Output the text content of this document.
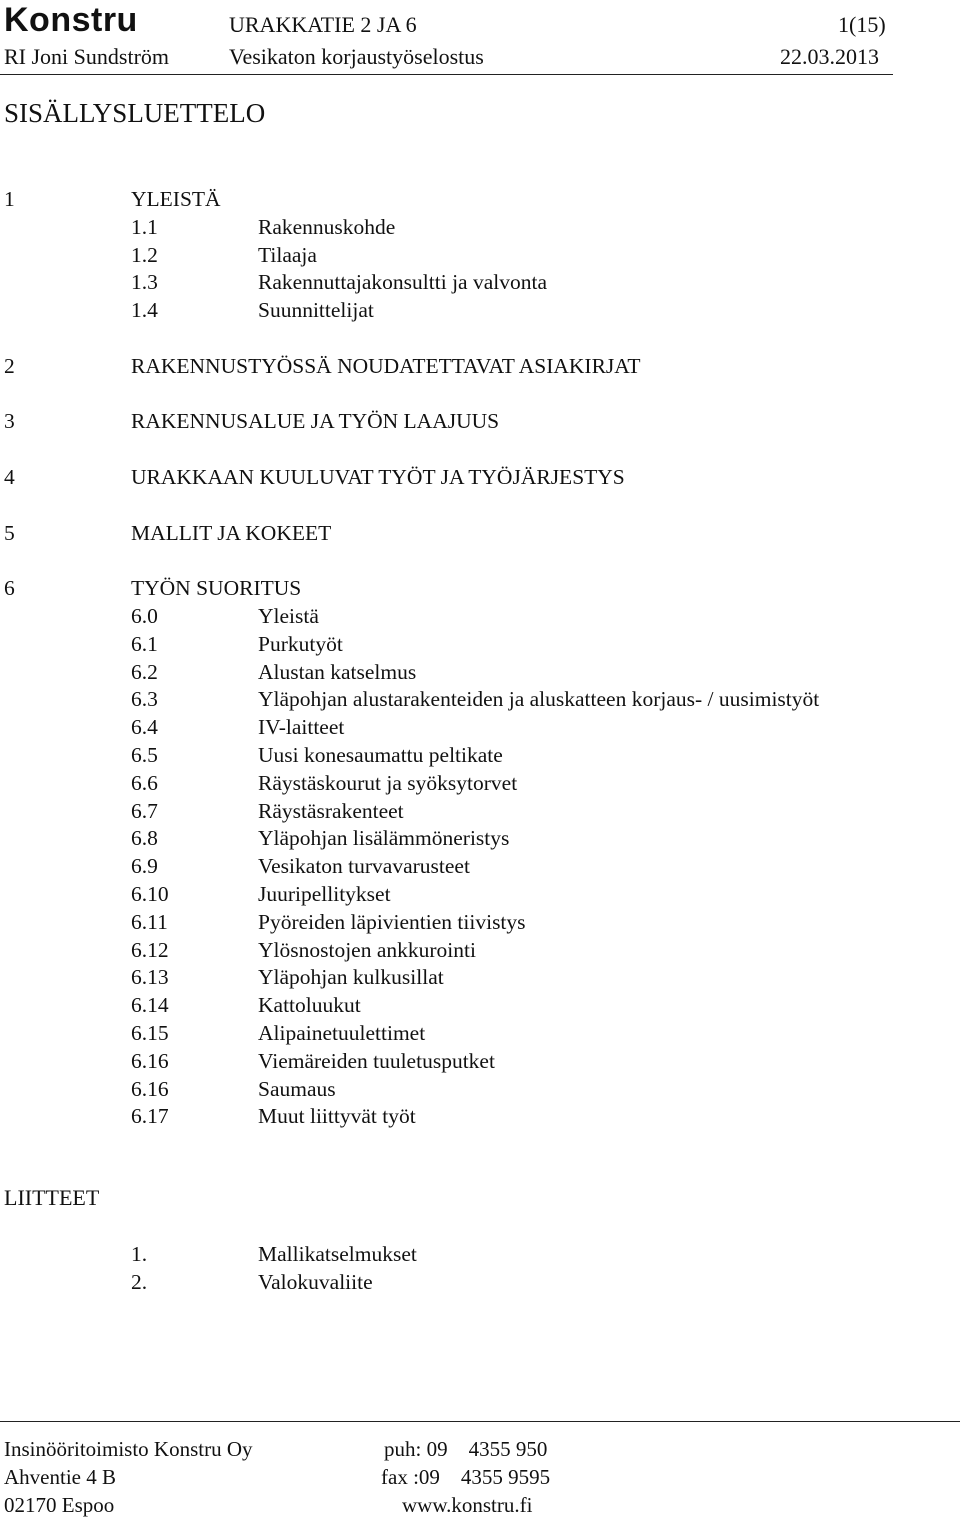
Konstru	URAKKATIE 2 JA 6	1(15)
RI Joni Sundström	Vesikaton korjaustyöselostus	22.03.2013
SISÄLLYSLUETTELO
1	YLEISTÄ
1.1	Rakennuskohde
1.2	Tilaaja
1.3	Rakennuttajakonsultti ja valvonta
1.4	Suunnittelijat
2	RAKENNUSTYÖSSÄ NOUDATETTAVAT ASIAKIRJAT
3	RAKENNUSALUE JA TYÖN LAAJUUS
4	URAKKAAN KUULUVAT TYÖT JA TYÖJÄRJESTYS
5	MALLIT JA KOKEET
6	TYÖN SUORITUS
6.0	Yleistä
6.1	Purkutyöt
6.2	Alustan katselmus
6.3	Yläpohjan alustarakenteiden ja aluskatteen korjaus- / uusimistyöt
6.4	IV-laitteet
6.5	Uusi konesaumattu peltikate
6.6	Räystäskourut ja syöksytorvet
6.7	Räystäsrakenteet
6.8	Yläpohjan lisälämmöneristys
6.9	Vesikaton turvavarusteet
6.10	Juuripellitykset
6.11	Pyöreiden läpivientien tiivistys
6.12	Ylösnostojen ankkurointi
6.13	Yläpohjan kulkusillat
6.14	Kattoluukut
6.15	Alipainetuulettimet
6.16	Viemäreiden tuuletusputket
6.16	Saumaus
6.17	Muut liittyvät työt
LIITTEET
1.	Mallikatselmukset
2.	Valokuvaliite
Insinööritoimisto Konstru Oy
Ahventie 4 B
02170 Espoo
puh: 09    4355 950
fax :09    4355 9595
www.konstru.fi
